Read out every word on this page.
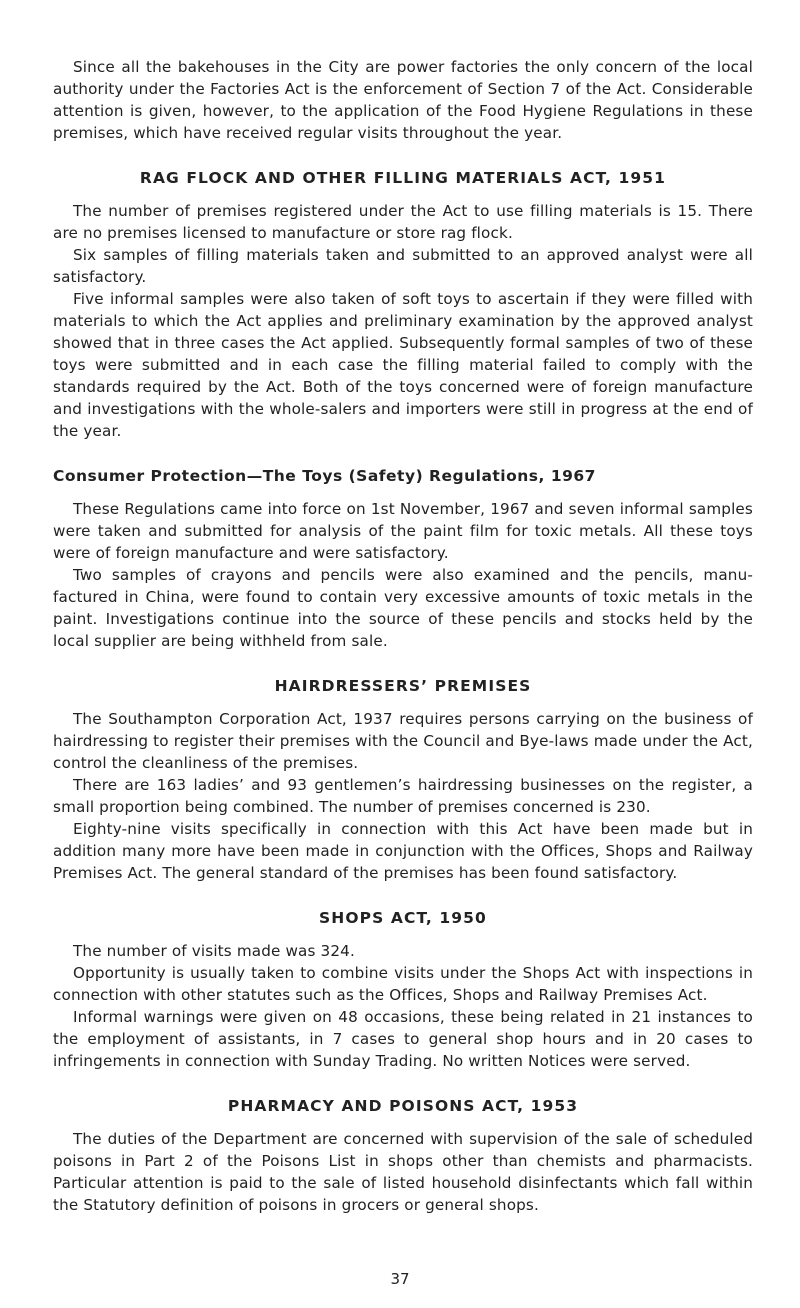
Since all the bakehouses in the City are power factories the only concern of the local authority under the Factories Act is the enforcement of Section 7 of the Act. Considerable attention is given, however, to the application of the Food Hygiene Regulations in these premises, which have received regular visits throughout the year.

RAG FLOCK AND OTHER FILLING MATERIALS ACT, 1951

The number of premises registered under the Act to use filling materials is 15. There are no premises licensed to manufacture or store rag flock.

Six samples of filling materials taken and submitted to an approved analyst were all satisfactory.

Five informal samples were also taken of soft toys to ascertain if they were filled with materials to which the Act applies and preliminary examination by the approved analyst showed that in three cases the Act applied. Subsequently formal samples of two of these toys were submitted and in each case the filling material failed to comply with the standards required by the Act. Both of the toys concerned were of foreign manufacture and investigations with the whole-salers and importers were still in progress at the end of the year.

Consumer Protection—The Toys (Safety) Regulations, 1967

These Regulations came into force on 1st November, 1967 and seven informal samples were taken and submitted for analysis of the paint film for toxic metals. All these toys were of foreign manufacture and were satisfactory.

Two samples of crayons and pencils were also examined and the pencils, manu-factured in China, were found to contain very excessive amounts of toxic metals in the paint. Investigations continue into the source of these pencils and stocks held by the local supplier are being withheld from sale.

HAIRDRESSERS’ PREMISES

The Southampton Corporation Act, 1937 requires persons carrying on the business of hairdressing to register their premises with the Council and Bye-laws made under the Act, control the cleanliness of the premises.

There are 163 ladies’ and 93 gentlemen’s hairdressing businesses on the register, a small proportion being combined. The number of premises concerned is 230.

Eighty-nine visits specifically in connection with this Act have been made but in addition many more have been made in conjunction with the Offices, Shops and Railway Premises Act. The general standard of the premises has been found satisfactory.

SHOPS ACT, 1950

The number of visits made was 324.

Opportunity is usually taken to combine visits under the Shops Act with inspections in connection with other statutes such as the Offices, Shops and Railway Premises Act.

Informal warnings were given on 48 occasions, these being related in 21 instances to the employment of assistants, in 7 cases to general shop hours and in 20 cases to infringements in connection with Sunday Trading. No written Notices were served.

PHARMACY AND POISONS ACT, 1953

The duties of the Department are concerned with supervision of the sale of scheduled poisons in Part 2 of the Poisons List in shops other than chemists and pharmacists. Particular attention is paid to the sale of listed household disinfectants which fall within the Statutory definition of poisons in grocers or general shops.

37
